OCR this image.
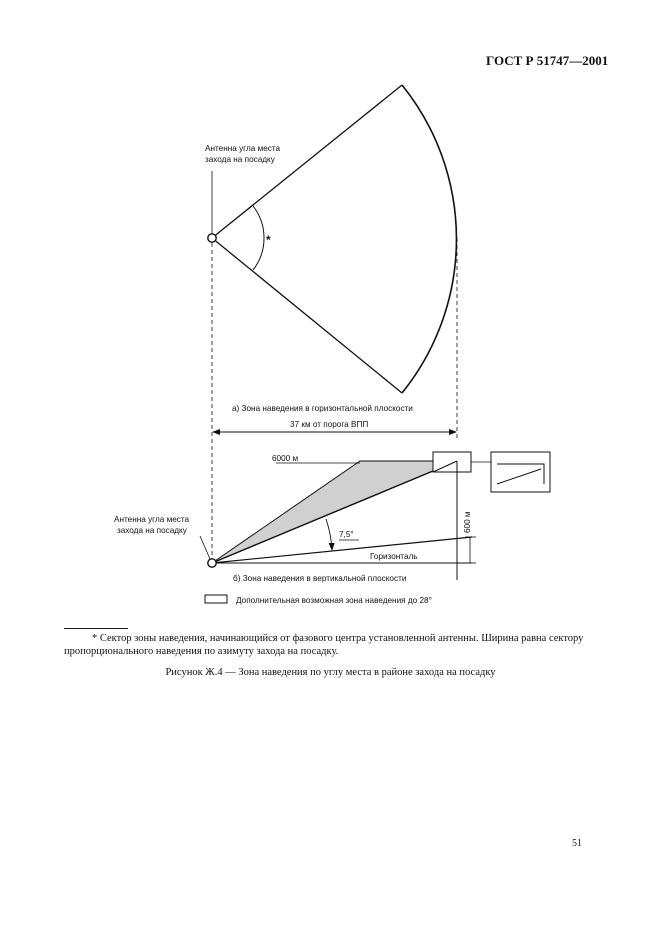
ГОСТ Р 51747—2001
Антенна угла места
захода на посадку
*
а) Зона наведения в горизонтальной плоскости
37 км от порога ВПП
6000 м
600 м
7,5°
Горизонталь
Антенна угла места
захода на посадку
б) Зона наведения в вертикальной плоскости
Дополнительная возможная зона наведения до 28°
* Сектор зоны наведения, начинающийся от фазового центра установленной антенны. Ширина равна сектору пропорционального наведения по азимуту захода на посадку.
Рисунок Ж.4 — Зона наведения по углу места в районе захода на посадку
51
